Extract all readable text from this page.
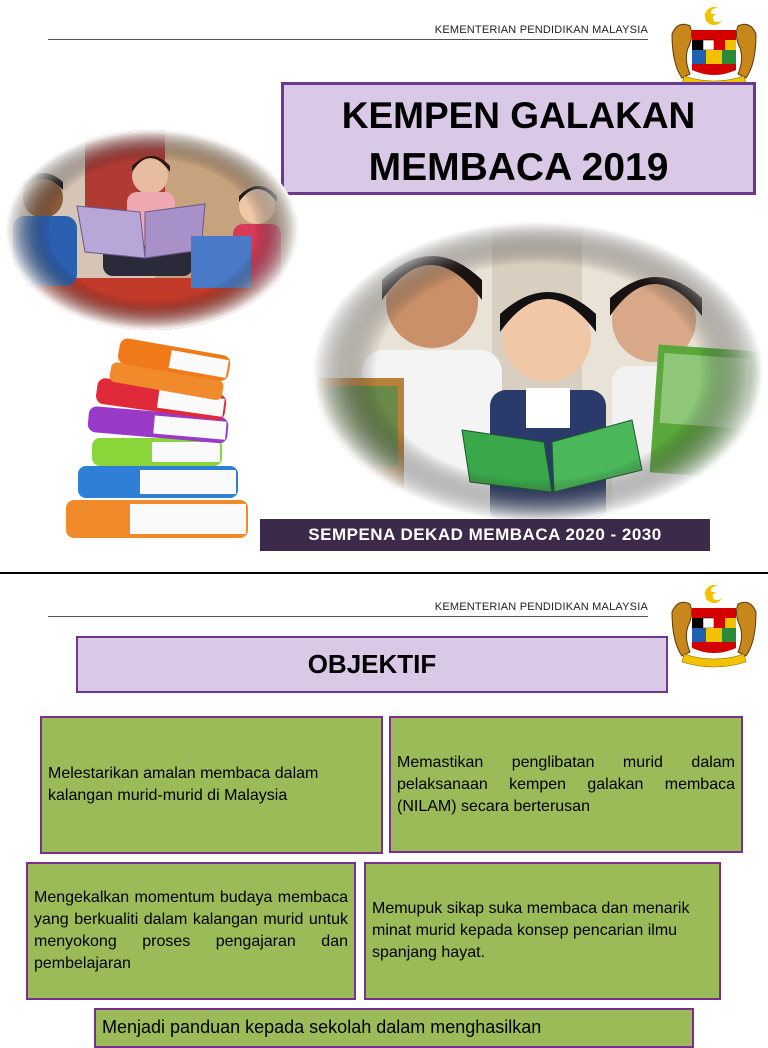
KEMENTERIAN PENDIDIKAN MALAYSIA
KEMPEN GALAKAN
MEMBACA 2019
SEMPENA DEKAD MEMBACA 2020 - 2030
KEMENTERIAN PENDIDIKAN MALAYSIA
OBJEKTIF
Melestarikan amalan membaca dalam kalangan murid-murid di Malaysia
Memastikan penglibatan murid dalam pelaksanaan kempen galakan membaca (NILAM) secara berterusan
Mengekalkan momentum budaya membaca yang berkualiti dalam kalangan murid untuk menyokong proses pengajaran dan pembelajaran
Memupuk sikap suka membaca dan menarik minat murid kepada konsep pencarian ilmu spanjang hayat.
Menjadi panduan kepada sekolah dalam menghasilkan
